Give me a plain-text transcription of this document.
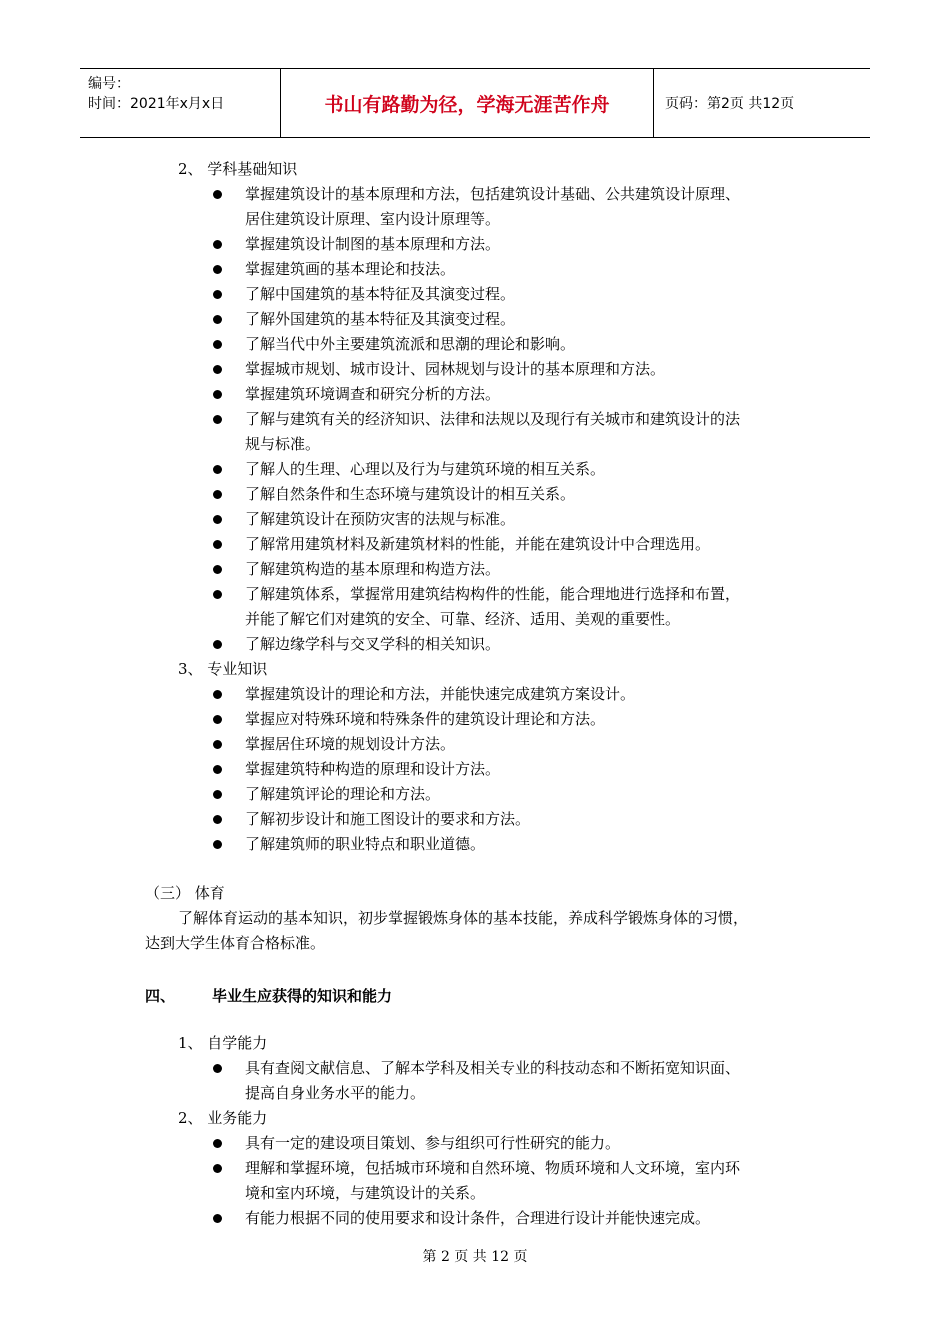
编号：
时间：2021年x月x日	书山有路勤为径，学海无涯苦作舟	页码：第2页 共12页
2、 学科基础知识
掌握建筑设计的基本原理和方法，包括建筑设计基础、公共建筑设计原理、
居住建筑设计原理、室内设计原理等。
掌握建筑设计制图的基本原理和方法。
掌握建筑画的基本理论和技法。
了解中国建筑的基本特征及其演变过程。
了解外国建筑的基本特征及其演变过程。
了解当代中外主要建筑流派和思潮的理论和影响。
掌握城市规划、城市设计、园林规划与设计的基本原理和方法。
掌握建筑环境调查和研究分析的方法。
了解与建筑有关的经济知识、法律和法规以及现行有关城市和建筑设计的法
规与标准。
了解人的生理、心理以及行为与建筑环境的相互关系。
了解自然条件和生态环境与建筑设计的相互关系。
了解建筑设计在预防灾害的法规与标准。
了解常用建筑材料及新建筑材料的性能，并能在建筑设计中合理选用。
了解建筑构造的基本原理和构造方法。
了解建筑体系，掌握常用建筑结构构件的性能，能合理地进行选择和布置，
并能了解它们对建筑的安全、可靠、经济、适用、美观的重要性。
了解边缘学科与交叉学科的相关知识。
3、 专业知识
掌握建筑设计的理论和方法，并能快速完成建筑方案设计。
掌握应对特殊环境和特殊条件的建筑设计理论和方法。
掌握居住环境的规划设计方法。
掌握建筑特种构造的原理和设计方法。
了解建筑评论的理论和方法。
了解初步设计和施工图设计的要求和方法。
了解建筑师的职业特点和职业道德。
（三） 体育
了解体育运动的基本知识，初步掌握锻炼身体的基本技能，养成科学锻炼身体的习惯，
达到大学生体育合格标准。
四、 毕业生应获得的知识和能力
1、 自学能力
具有查阅文献信息、了解本学科及相关专业的科技动态和不断拓宽知识面、
提高自身业务水平的能力。
2、 业务能力
具有一定的建设项目策划、参与组织可行性研究的能力。
理解和掌握环境，包括城市环境和自然环境、物质环境和人文环境，室内环
境和室内环境，与建筑设计的关系。
有能力根据不同的使用要求和设计条件，合理进行设计并能快速完成。
第 2 页 共 12 页
